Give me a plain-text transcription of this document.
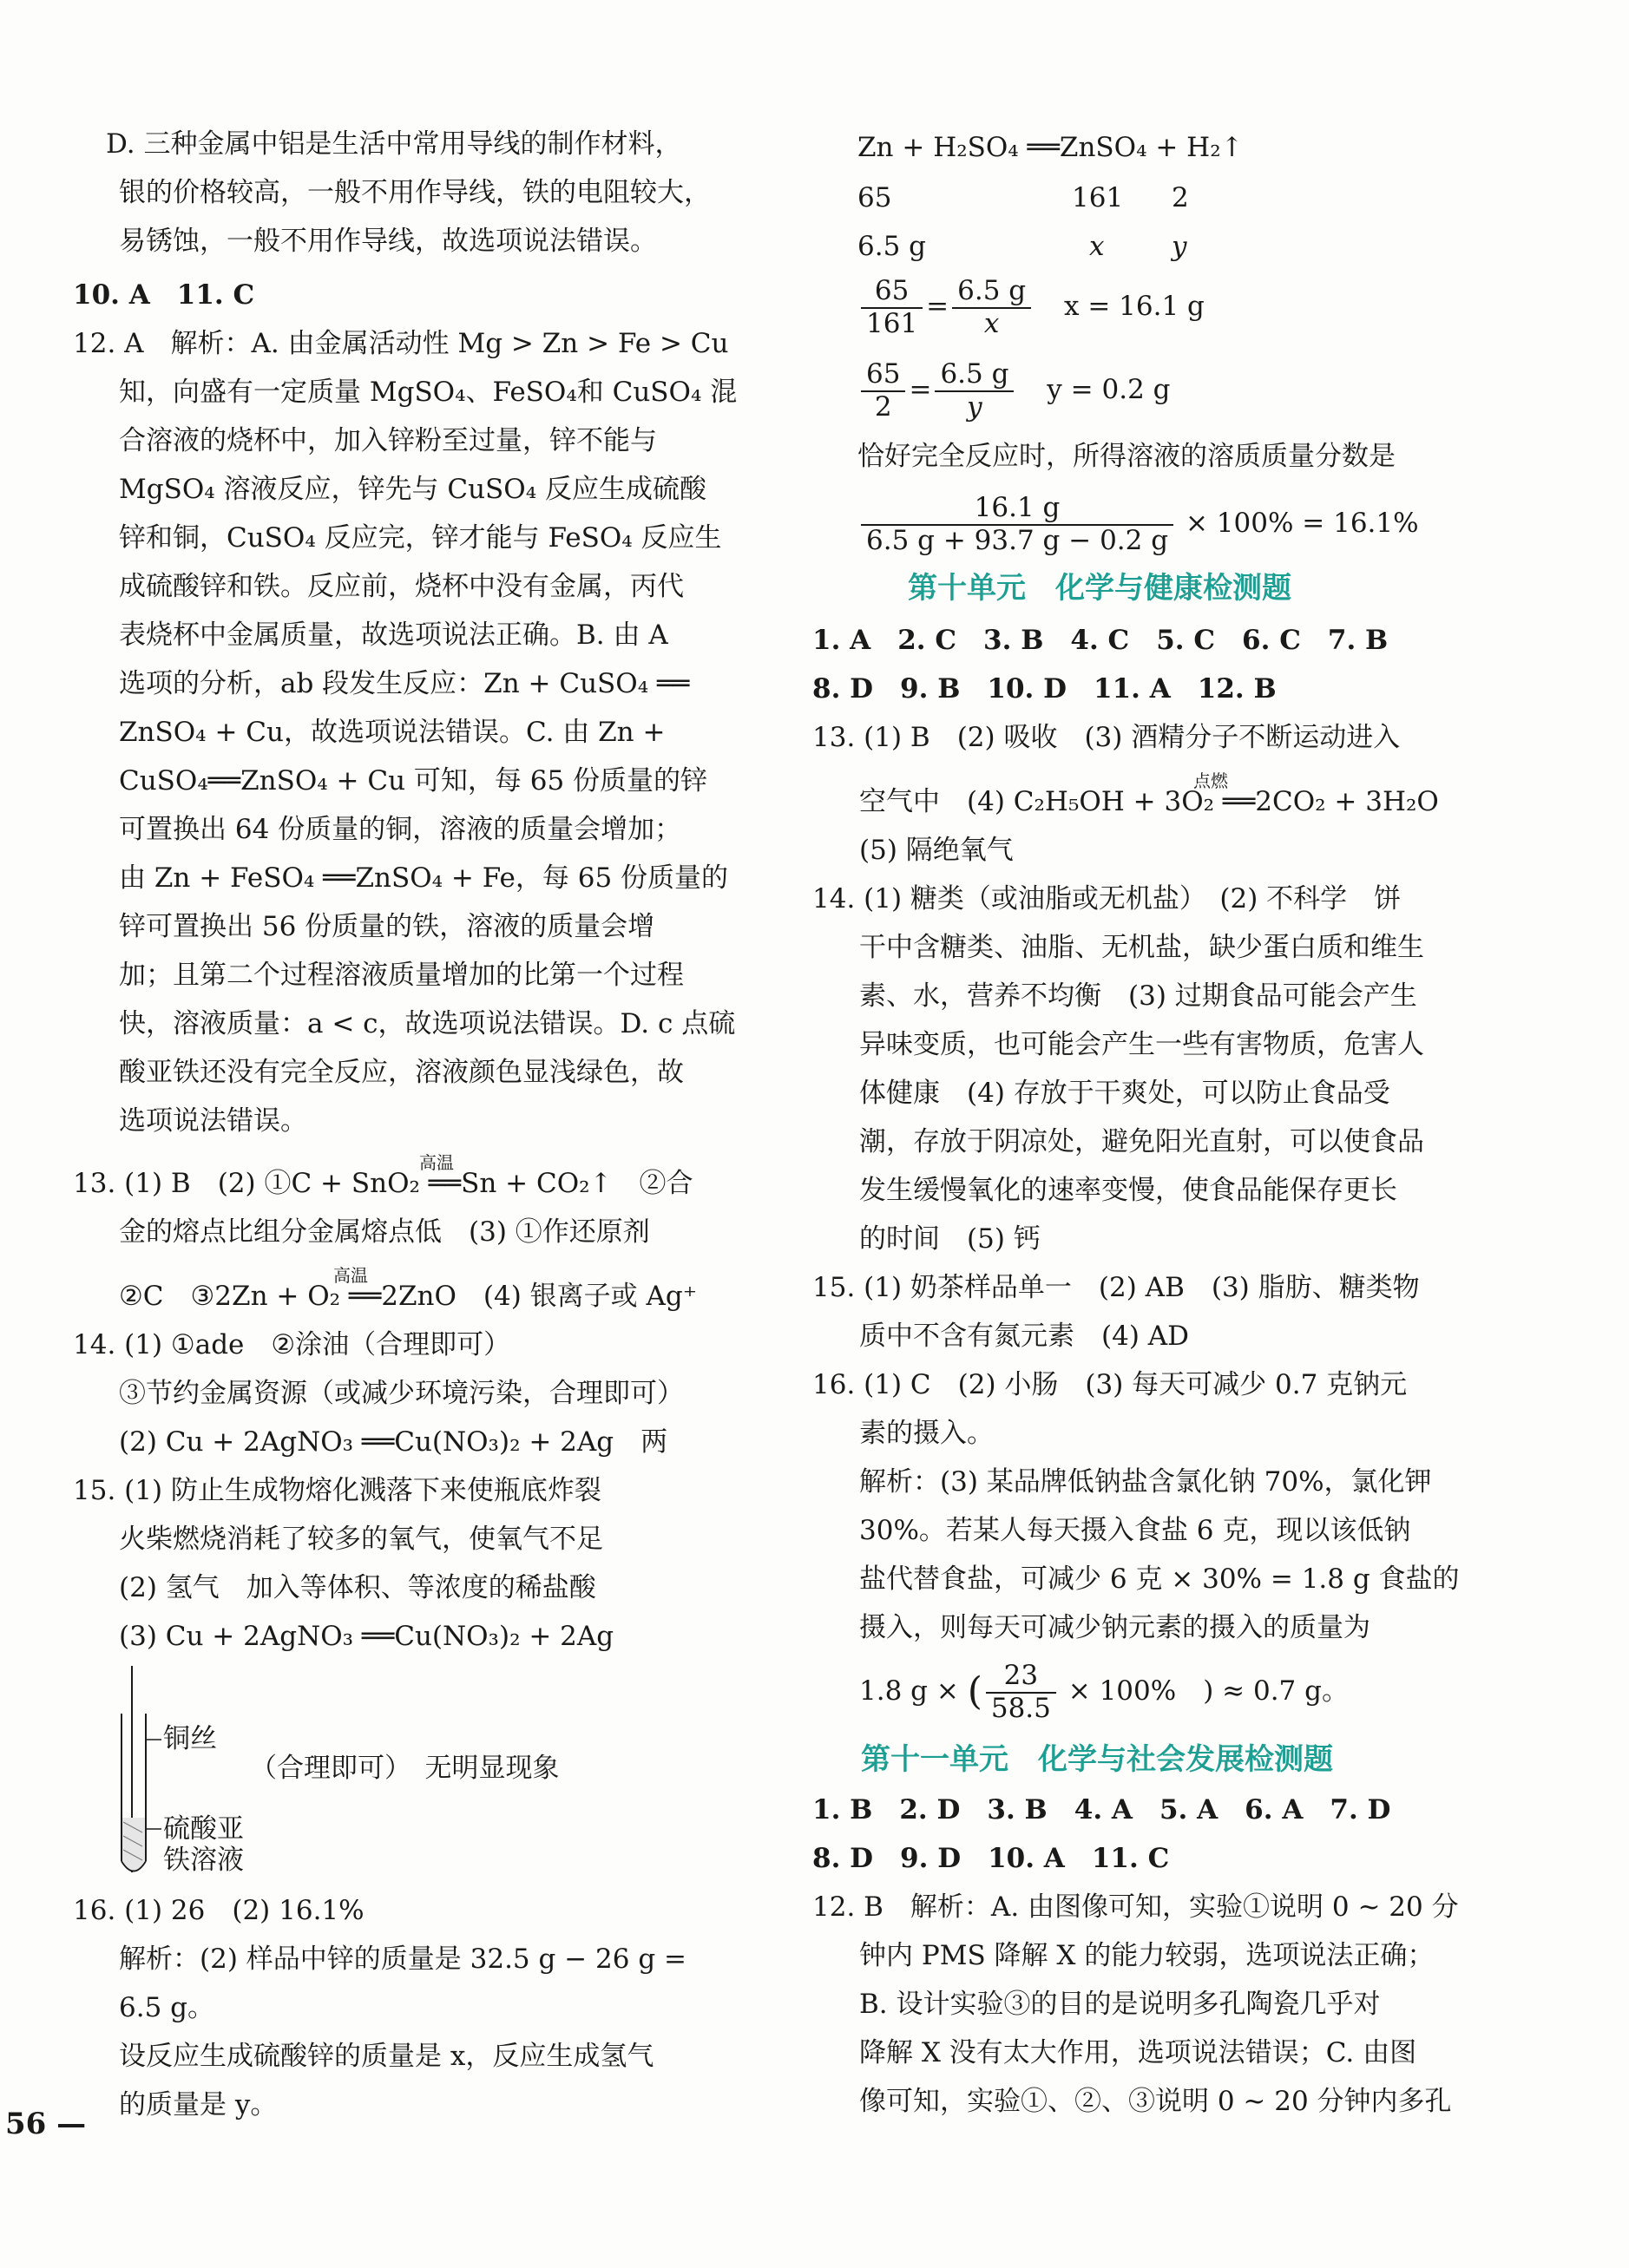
D. 三种金属中铝是生活中常用导线的制作材料，
银的价格较高，一般不用作导线，铁的电阻较大，
易锈蚀，一般不用作导线，故选项说法错误。
10. A　11. C
12. A　解析：A. 由金属活动性 Mg > Zn > Fe > Cu
知，向盛有一定质量 MgSO₄、FeSO₄和 CuSO₄ 混
合溶液的烧杯中，加入锌粉至过量，锌不能与
MgSO₄ 溶液反应，锌先与 CuSO₄ 反应生成硫酸
锌和铜，CuSO₄ 反应完，锌才能与 FeSO₄ 反应生
成硫酸锌和铁。反应前，烧杯中没有金属，丙代
表烧杯中金属质量，故选项说法正确。B. 由 A
选项的分析，ab 段发生反应：Zn + CuSO₄ ══
ZnSO₄ + Cu，故选项说法错误。C. 由 Zn +
CuSO₄══ZnSO₄ + Cu 可知，每 65 份质量的锌
可置换出 64 份质量的铜，溶液的质量会增加；
由 Zn + FeSO₄ ══ZnSO₄ + Fe，每 65 份质量的
锌可置换出 56 份质量的铁，溶液的质量会增
加；且第二个过程溶液质量增加的比第一个过程
快，溶液质量：a < c，故选项说法错误。D. c 点硫
酸亚铁还没有完全反应，溶液颜色显浅绿色，故
选项说法错误。
高温
13. (1) B　(2) ①C + SnO₂ ══Sn + CO₂↑　②合
金的熔点比组分金属熔点低　(3) ①作还原剂
高温
②C　③2Zn + O₂ ══2ZnO　(4) 银离子或 Ag⁺
14. (1) ①ade　②涂油（合理即可）
③节约金属资源（或减少环境污染，合理即可）
(2) Cu + 2AgNO₃ ══Cu(NO₃)₂ + 2Ag　两
15. (1) 防止生成物熔化溅落下来使瓶底炸裂
火柴燃烧消耗了较多的氧气，使氧气不足
(2) 氢气　加入等体积、等浓度的稀盐酸
(3) Cu + 2AgNO₃ ══Cu(NO₃)₂ + 2Ag
铜丝
（合理即可）　无明显现象
硫酸亚
铁溶液
16. (1) 26　(2) 16.1%
解析：(2) 样品中锌的质量是 32.5 g − 26 g =
6.5 g。
设反应生成硫酸锌的质量是 x，反应生成氢气
的质量是 y。
Zn + H₂SO₄ ══ZnSO₄ + H₂↑
65	161 2
6.5 g	x	y
$\frac{65}{161} = \frac{6.5 g}{x}$ x = 16.1 g
$\frac{65}{2} = \frac{6.5 g}{y}$ y = 0.2 g
恰好完全反应时，所得溶液的溶质质量分数是
$\frac{16.1 g}{6.5 g + 93.7 g - 0.2 g} \times 100\% = 16.1\%$
第十单元　化学与健康检测题
1. A　2. C　3. B　4. C　5. C　6. C　7. B
8. D　9. B　10. D　11. A　12. B
13. (1) B　(2) 吸收　(3) 酒精分子不断运动进入
点燃
空气中　(4) C₂H₅OH + 3O₂ ══2CO₂ + 3H₂O
(5) 隔绝氧气
14. (1) 糖类（或油脂或无机盐）　(2) 不科学　饼
干中含糖类、油脂、无机盐，缺少蛋白质和维生
素、水，营养不均衡　(3) 过期食品可能会产生
异味变质，也可能会产生一些有害物质，危害人
体健康　(4) 存放于干爽处，可以防止食品受
潮，存放于阴凉处，避免阳光直射，可以使食品
发生缓慢氧化的速率变慢，使食品能保存更长
的时间　(5) 钙
15. (1) 奶茶样品单一　(2) AB　(3) 脂肪、糖类物
质中不含有氮元素　(4) AD
16. (1) C　(2) 小肠　(3) 每天可减少 0.7 克钠元
素的摄入。
解析：(3) 某品牌低钠盐含氯化钠 70%，氯化钾
30%。若某人每天摄入食盐 6 克，现以该低钠
盐代替食盐，可减少 6 克 × 30% = 1.8 g 食盐的
摄入，则每天可减少钠元素的摄入的质量为
1.8 g × ( $\frac{23}{58.5} \times 100\%$　) ≈ 0.7 g。
第十一单元　化学与社会发展检测题
1. B　2. D　3. B　4. A　5. A　6. A　7. D
8. D　9. D　10. A　11. C
12. B　解析：A. 由图像可知，实验①说明 0 ~ 20 分
钟内 PMS 降解 X 的能力较弱，选项说法正确；
B. 设计实验③的目的是说明多孔陶瓷几乎对
降解 X 没有太大作用，选项说法错误；C. 由图
像可知，实验①、②、③说明 0 ~ 20 分钟内多孔
56 —
